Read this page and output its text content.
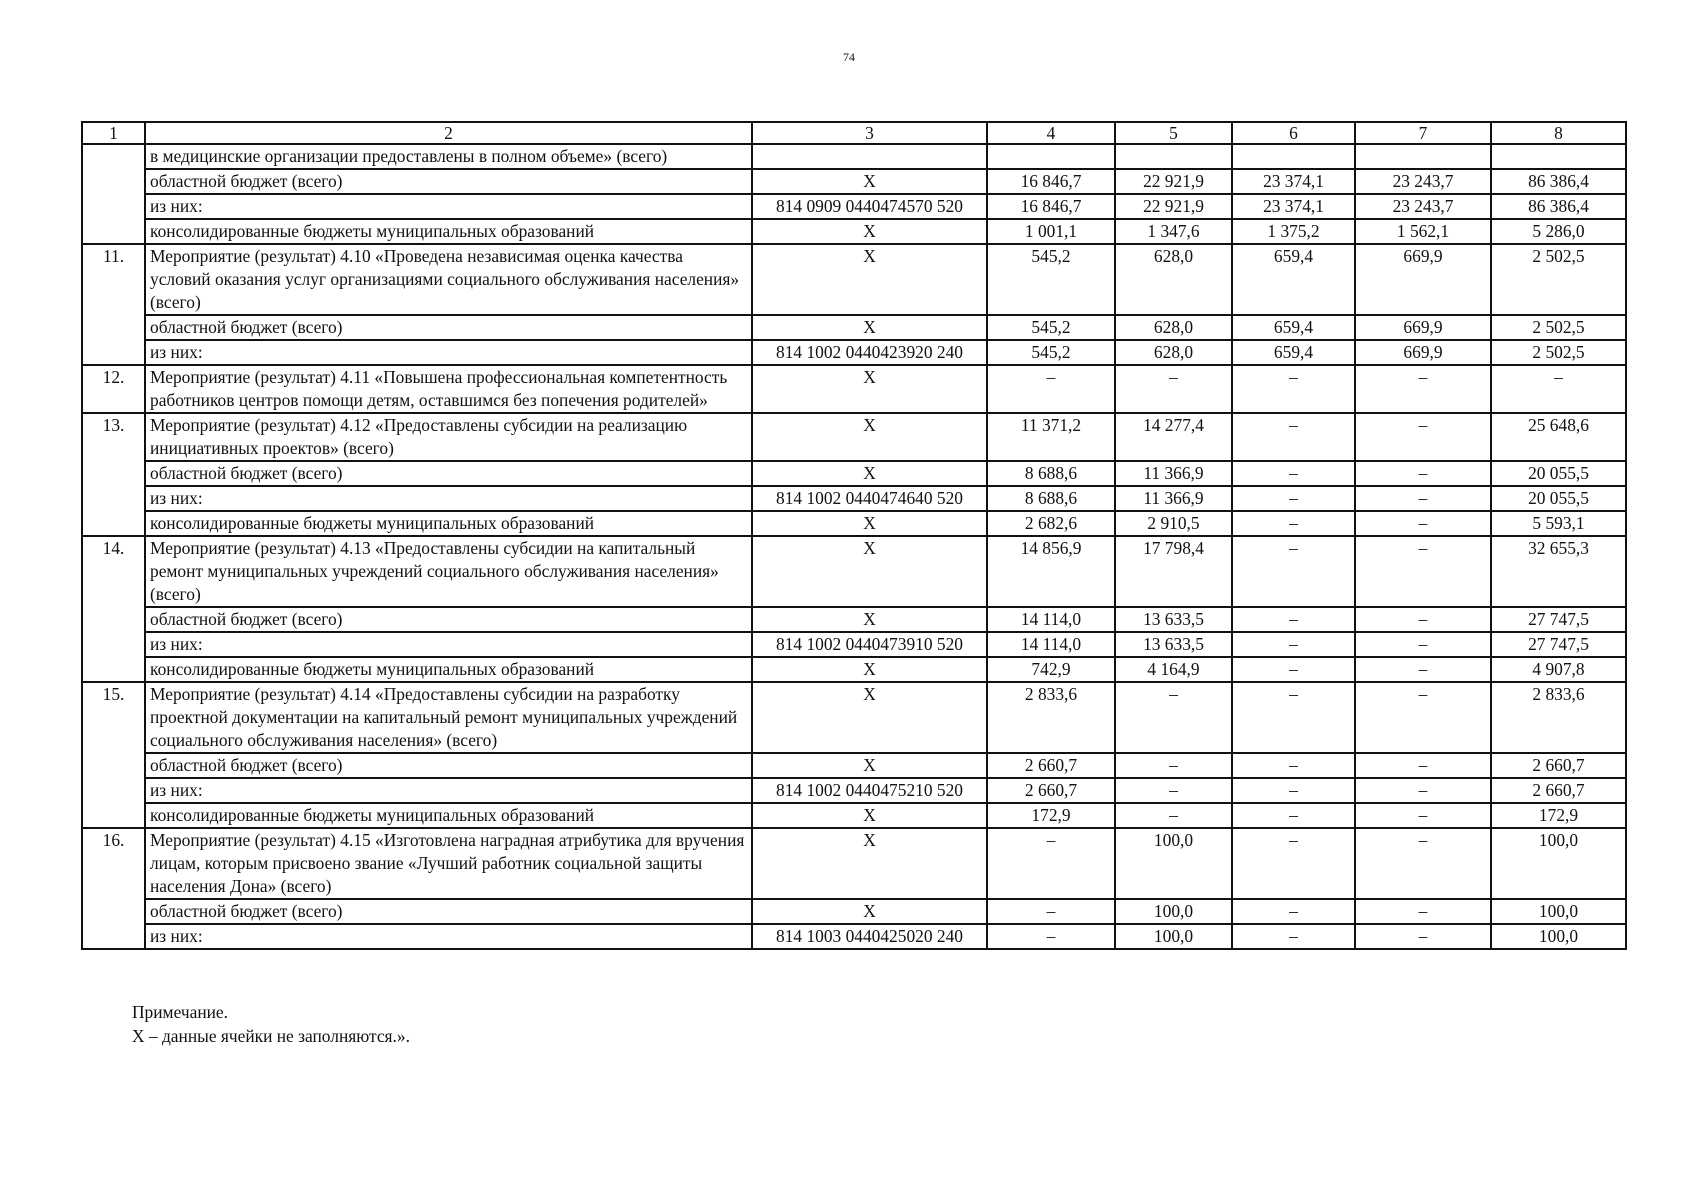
74
1	2	3	4	5	6	7	8
	в медицинские организации предоставлены в полном объеме» (всего)						
	областной бюджет (всего)	X	16 846,7	22 921,9	23 374,1	23 243,7	86 386,4
	из них:	814 0909 0440474570 520	16 846,7	22 921,9	23 374,1	23 243,7	86 386,4
	консолидированные бюджеты муниципальных образований	X	1 001,1	1 347,6	1 375,2	1 562,1	5 286,0
11.	Мероприятие (результат) 4.10 «Проведена независимая оценка качества условий оказания услуг организациями социального обслуживания населения» (всего)	X	545,2	628,0	659,4	669,9	2 502,5
	областной бюджет (всего)	X	545,2	628,0	659,4	669,9	2 502,5
	из них:	814 1002 0440423920 240	545,2	628,0	659,4	669,9	2 502,5
12.	Мероприятие (результат) 4.11 «Повышена профессиональная компетентность работников центров помощи детям, оставшимся без попечения родителей»	X	–	–	–	–	–
13.	Мероприятие (результат) 4.12 «Предоставлены субсидии на реализацию инициативных проектов» (всего)	X	11 371,2	14 277,4	–	–	25 648,6
	областной бюджет (всего)	X	8 688,6	11 366,9	–	–	20 055,5
	из них:	814 1002 0440474640 520	8 688,6	11 366,9	–	–	20 055,5
	консолидированные бюджеты муниципальных образований	X	2 682,6	2 910,5	–	–	5 593,1
14.	Мероприятие (результат) 4.13 «Предоставлены субсидии на капитальный ремонт муниципальных учреждений социального обслуживания населения» (всего)	X	14 856,9	17 798,4	–	–	32 655,3
	областной бюджет (всего)	X	14 114,0	13 633,5	–	–	27 747,5
	из них:	814 1002 0440473910 520	14 114,0	13 633,5	–	–	27 747,5
	консолидированные бюджеты муниципальных образований	X	742,9	4 164,9	–	–	4 907,8
15.	Мероприятие (результат) 4.14 «Предоставлены субсидии на разработку проектной документации на капитальный ремонт муниципальных учреждений социального обслуживания населения» (всего)	X	2 833,6	–	–	–	2 833,6
	областной бюджет (всего)	X	2 660,7	–	–	–	2 660,7
	из них:	814 1002 0440475210 520	2 660,7	–	–	–	2 660,7
	консолидированные бюджеты муниципальных образований	X	172,9	–	–	–	172,9
16.	Мероприятие (результат) 4.15 «Изготовлена наградная атрибутика для вручения лицам, которым присвоено звание «Лучший работник социальной защиты населения Дона» (всего)	X	–	100,0	–	–	100,0
	областной бюджет (всего)	X	–	100,0	–	–	100,0
	из них:	814 1003 0440425020 240	–	100,0	–	–	100,0
Примечание.
Х – данные ячейки не заполняются.».
